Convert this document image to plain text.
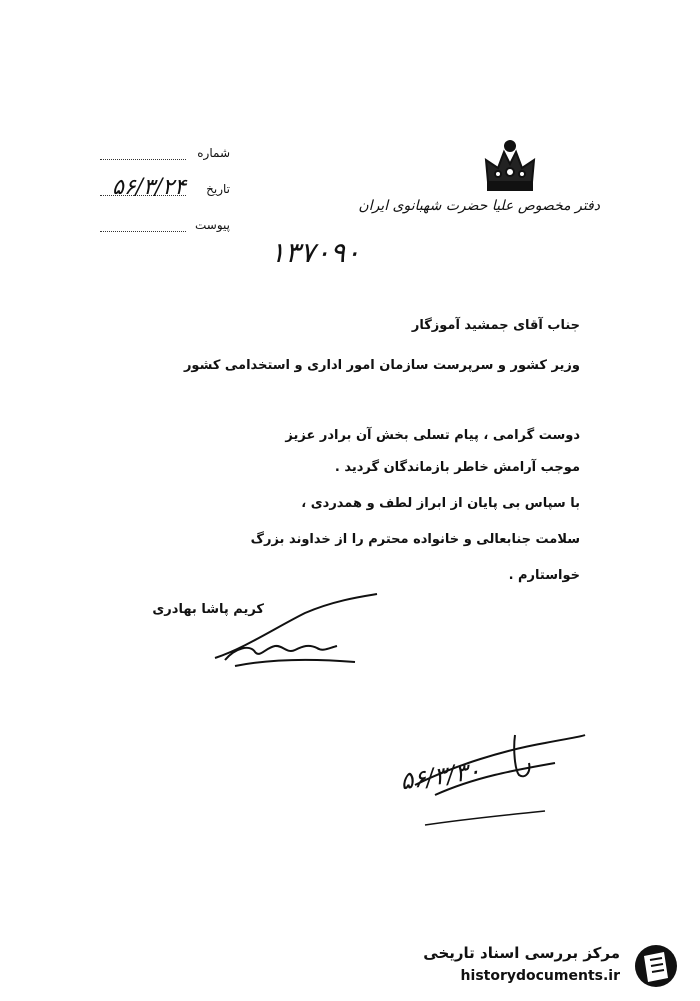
دفتر مخصوص علیا حضرت شهبانوی ایران
شماره
تاریخ
۵۶/۳/۲۴
پیوست
۱۳۷۰۹۰
جناب آقای جمشید آموزگار
وزیر کشور و سرپرست سازمان امور اداری و استخدامی کشور
دوست گرامی ، پیام تسلی بخش آن برادر عزیز
موجب آرامش خاطر بازماندگان گردید .
با سپاس بی پایان از ابراز لطف و همدردی ،
سلامت جنابعالی و خانواده محترم را از خداوند بزرگ
خواستارم .
کریم پاشا بهادری
۵۶/۳/۳۰
مرکز بررسی اسناد تاریخی
historydocuments.ir
